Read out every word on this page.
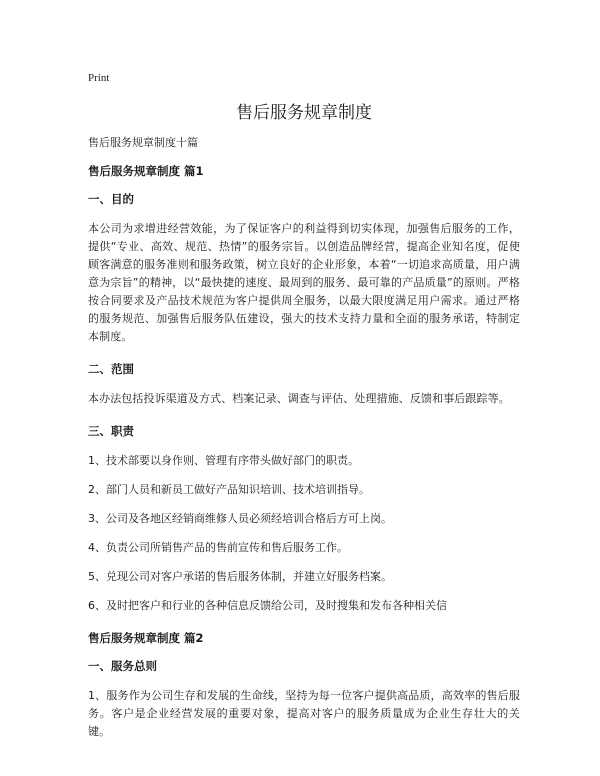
Print
售后服务规章制度

售后服务规章制度十篇

售后服务规章制度 篇1

一、目的

本公司为求增进经营效能，为了保证客户的利益得到切实体现，加强售后服务的工作，提供“专业、高效、规范、热情”的服务宗旨。以创造品牌经营，提高企业知名度，促使顾客满意的服务准则和服务政策，树立良好的企业形象，本着“一切追求高质量，用户满意为宗旨”的精神，以“最快捷的速度、最周到的服务、最可靠的产品质量”的原则。严格按合同要求及产品技术规范为客户提供周全服务，以最大限度满足用户需求。通过严格的服务规范、加强售后服务队伍建设，强大的技术支持力量和全面的服务承诺，特制定本制度。

二、范围

本办法包括投诉渠道及方式、档案记录、调查与评估、处理措施、反馈和事后跟踪等。

三、职责

1、技术部要以身作则、管理有序带头做好部门的职责。

2、部门人员和新员工做好产品知识培训、技术培训指导。

3、公司及各地区经销商维修人员必须经培训合格后方可上岗。

4、负责公司所销售产品的售前宣传和售后服务工作。

5、兑现公司对客户承诺的售后服务体制，并建立好服务档案。

6、及时把客户和行业的各种信息反馈给公司，及时搜集和发布各种相关信

售后服务规章制度 篇2

一、服务总则

1、服务作为公司生存和发展的生命线，坚持为每一位客户提供高品质，高效率的售后服务。客户是企业经营发展的重要对象，提高对客户的服务质量成为企业生存壮大的关键。
